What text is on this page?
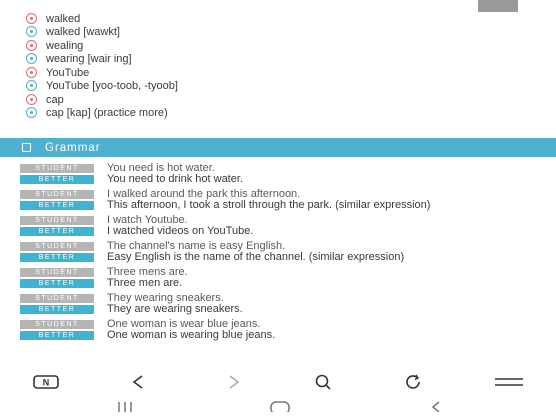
walked
walked [wawkt]
wealing
wearing [wair ing]
YouTube
YouTube [yoo-toob, -tyoob]
cap
cap [kap] (practice more)
Grammar
STUDENT	You need is hot water.
BETTER	You need to drink hot water.
STUDENT	I walked around the park this afternoon.
BETTER	This afternoon, I took a stroll through the park. (similar expression)
STUDENT	I watch Youtube.
BETTER	I watched videos on YouTube.
STUDENT	The channel's name is easy English.
BETTER	Easy English is the name of the channel. (similar expression)
STUDENT	Three mens are.
BETTER	Three men are.
STUDENT	They wearing sneakers.
BETTER	They are wearing sneakers.
STUDENT	One woman is wear blue jeans.
BETTER	One woman is wearing blue jeans.
N
